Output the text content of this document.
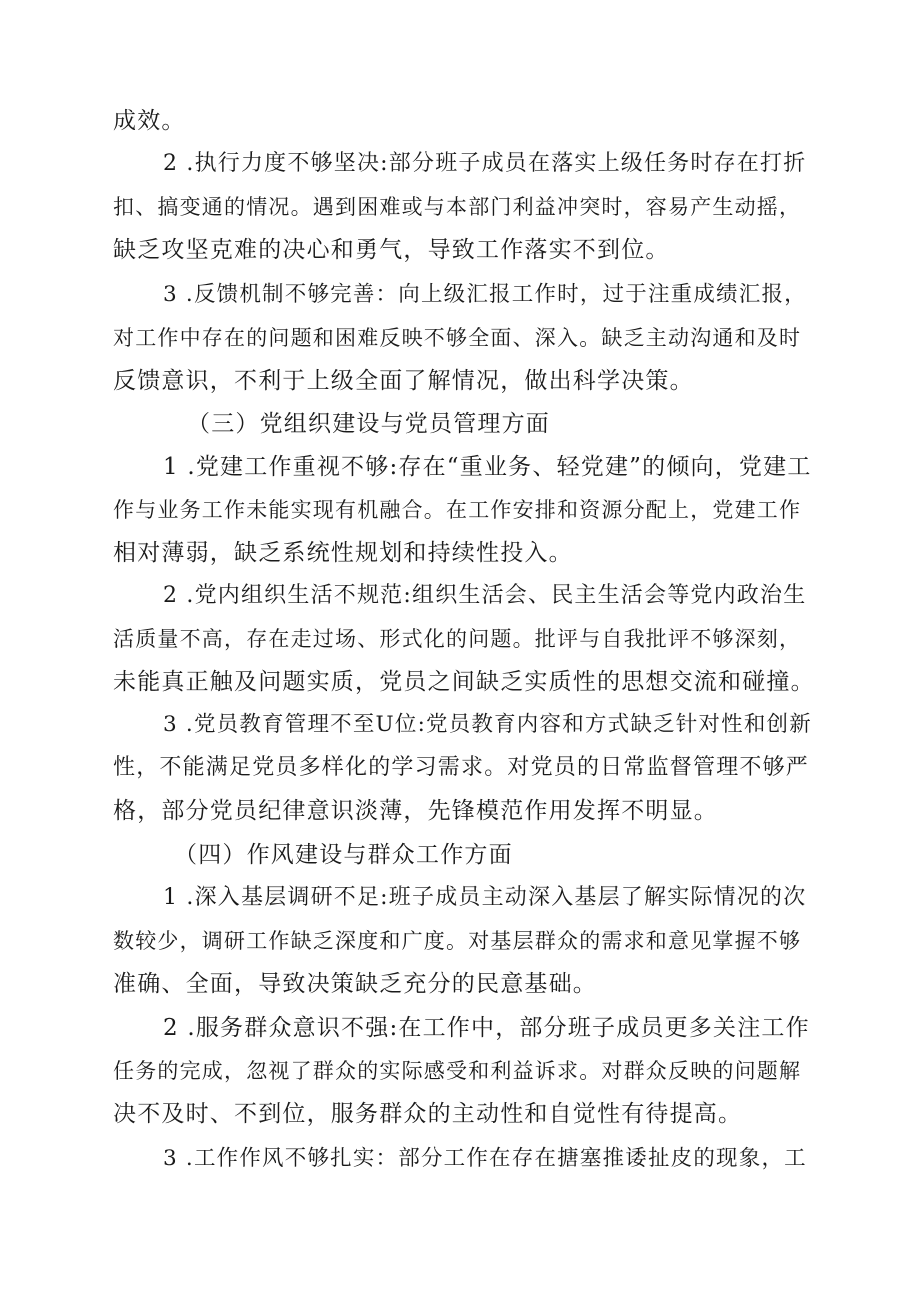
成效。
2 .执行力度不够坚决:部分班子成员在落实上级任务时存在打折
扣、搞变通的情况。遇到困难或与本部门利益冲突时，容易产生动摇，
缺乏攻坚克难的决心和勇气，导致工作落实不到位。
3 .反馈机制不够完善：向上级汇报工作时，过于注重成绩汇报，
对工作中存在的问题和困难反映不够全面、深入。缺乏主动沟通和及时
反馈意识，不利于上级全面了解情况，做出科学决策。
（三）党组织建设与党员管理方面
1 .党建工作重视不够:存在“重业务、轻党建”的倾向，党建工
作与业务工作未能实现有机融合。在工作安排和资源分配上，党建工作
相对薄弱，缺乏系统性规划和持续性投入。
2 .党内组织生活不规范:组织生活会、民主生活会等党内政治生
活质量不高，存在走过场、形式化的问题。批评与自我批评不够深刻，
未能真正触及问题实质，党员之间缺乏实质性的思想交流和碰撞。
3 .党员教育管理不至U位:党员教育内容和方式缺乏针对性和创新
性，不能满足党员多样化的学习需求。对党员的日常监督管理不够严
格，部分党员纪律意识淡薄，先锋模范作用发挥不明显。
（四）作风建设与群众工作方面
1 .深入基层调研不足:班子成员主动深入基层了解实际情况的次
数较少，调研工作缺乏深度和广度。对基层群众的需求和意见掌握不够
准确、全面，导致决策缺乏充分的民意基础。
2 .服务群众意识不强:在工作中，部分班子成员更多关注工作
任务的完成，忽视了群众的实际感受和利益诉求。对群众反映的问题解
决不及时、不到位，服务群众的主动性和自觉性有待提高。
3 .工作作风不够扎实：部分工作在存在搪塞推诿扯皮的现象，工
